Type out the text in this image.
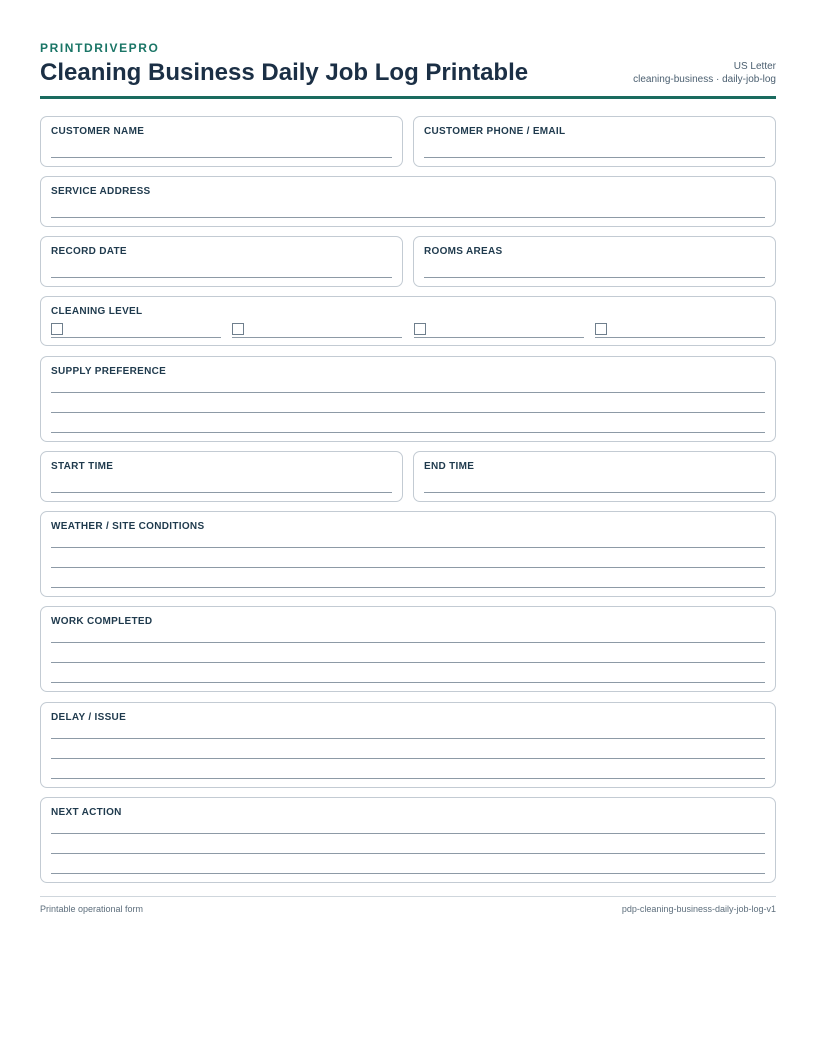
PRINTDRIVEPRO
Cleaning Business Daily Job Log Printable	US Letter
cleaning-business · daily-job-log
CUSTOMER NAME	CUSTOMER PHONE / EMAIL
SERVICE ADDRESS
RECORD DATE	ROOMS AREAS
CLEANING LEVEL
SUPPLY PREFERENCE
START TIME	END TIME
WEATHER / SITE CONDITIONS
WORK COMPLETED
DELAY / ISSUE
NEXT ACTION
Printable operational form	pdp-cleaning-business-daily-job-log-v1
